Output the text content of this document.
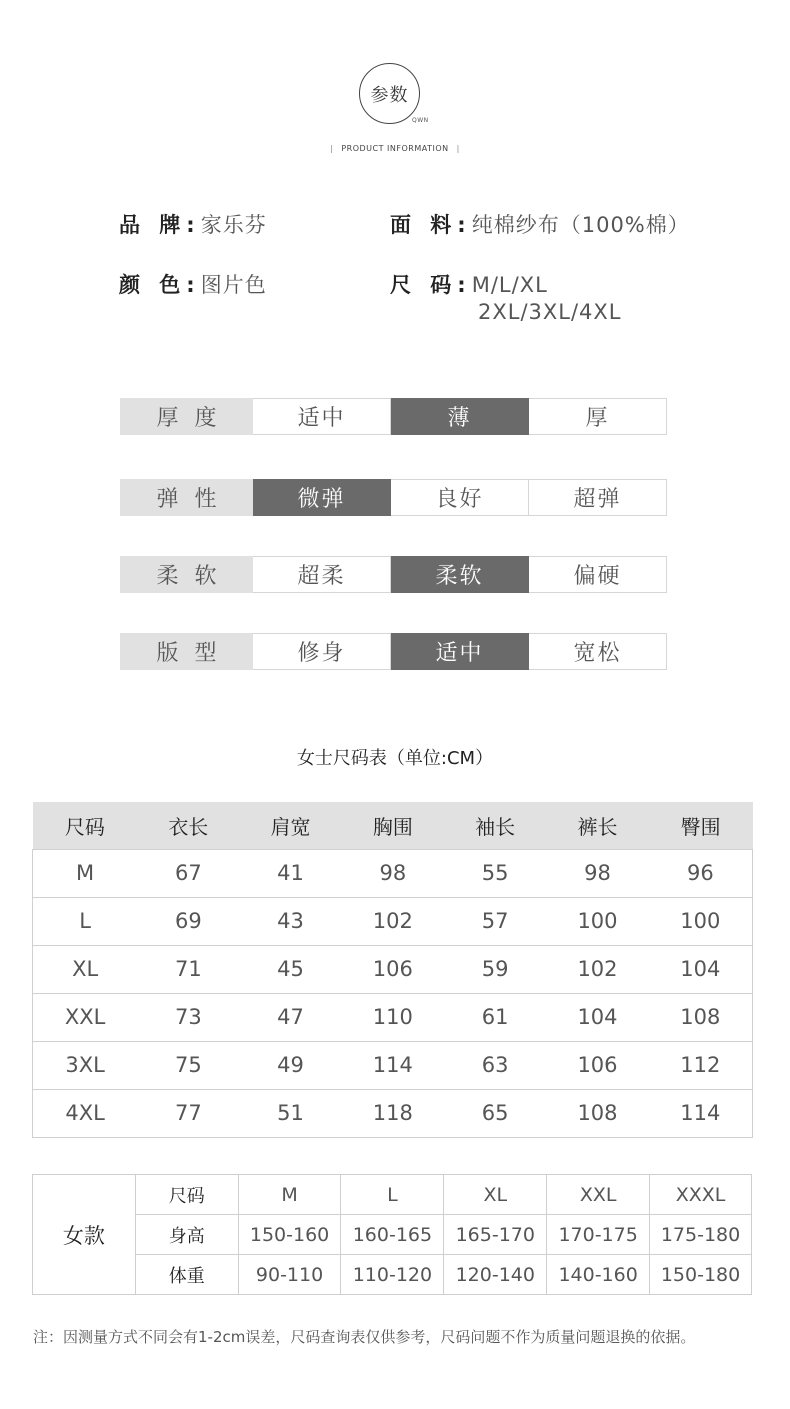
参数
QWN
| PRODUCT INFORMATION |
品 牌:家乐芬	面 料:纯棉纱布（100%棉）
颜 色:图片色	尺 码:M/L/XL
2XL/3XL/4XL
厚度	适中	薄	厚
弹性	微弹	良好	超弹
柔软	超柔	柔软	偏硬
版型	修身	适中	宽松
女士尺码表（单位:CM）
尺码	衣长	肩宽	胸围	袖长	裤长	臀围
M	67	41	98	55	98	96
L	69	43	102	57	100	100
XL	71	45	106	59	102	104
XXL	73	47	110	61	104	108
3XL	75	49	114	63	106	112
4XL	77	51	118	65	108	114
女款	尺码	M	L	XL	XXL	XXXL
	身高	150-160	160-165	165-170	170-175	175-180
	体重	90-110	110-120	120-140	140-160	150-180
注：因测量方式不同会有1-2cm误差，尺码查询表仅供参考，尺码问题不作为质量问题退换的依据。
